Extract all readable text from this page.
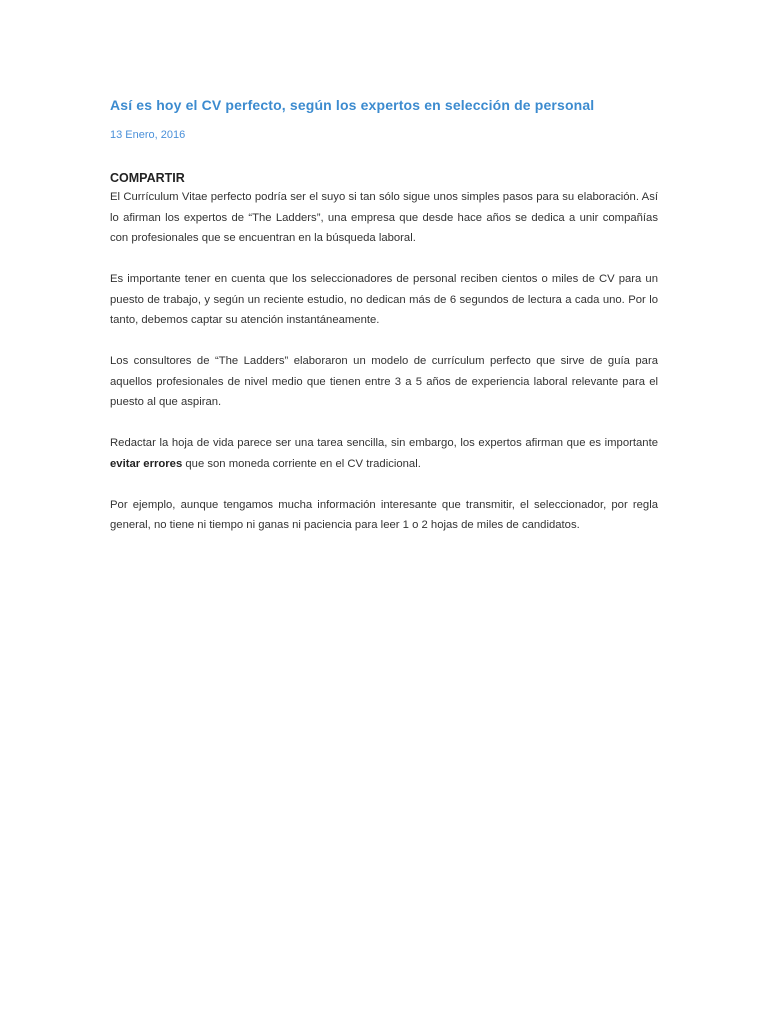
Así es hoy el CV perfecto, según los expertos en selección de personal
13 Enero, 2016
COMPARTIR

El Currículum Vitae perfecto podría ser el suyo si tan sólo sigue unos simples pasos para su elaboración. Así lo afirman los expertos de “The Ladders”, una empresa que desde hace años se dedica a unir compañías con profesionales que se encuentran en la búsqueda laboral.

Es importante tener en cuenta que los seleccionadores de personal reciben cientos o miles de CV para un puesto de trabajo, y según un reciente estudio, no dedican más de 6 segundos de lectura a cada uno. Por lo tanto, debemos captar su atención instantáneamente.

Los consultores de “The Ladders” elaboraron un modelo de currículum perfecto que sirve de guía para aquellos profesionales de nivel medio que tienen entre 3 a 5 años de experiencia laboral relevante para el puesto al que aspiran.

Redactar la hoja de vida parece ser una tarea sencilla, sin embargo, los expertos afirman que es importante evitar errores que son moneda corriente en el CV tradicional.

Por ejemplo, aunque tengamos mucha información interesante que transmitir, el seleccionador, por regla general, no tiene ni tiempo ni ganas ni paciencia para leer 1 o 2 hojas de miles de candidatos.
